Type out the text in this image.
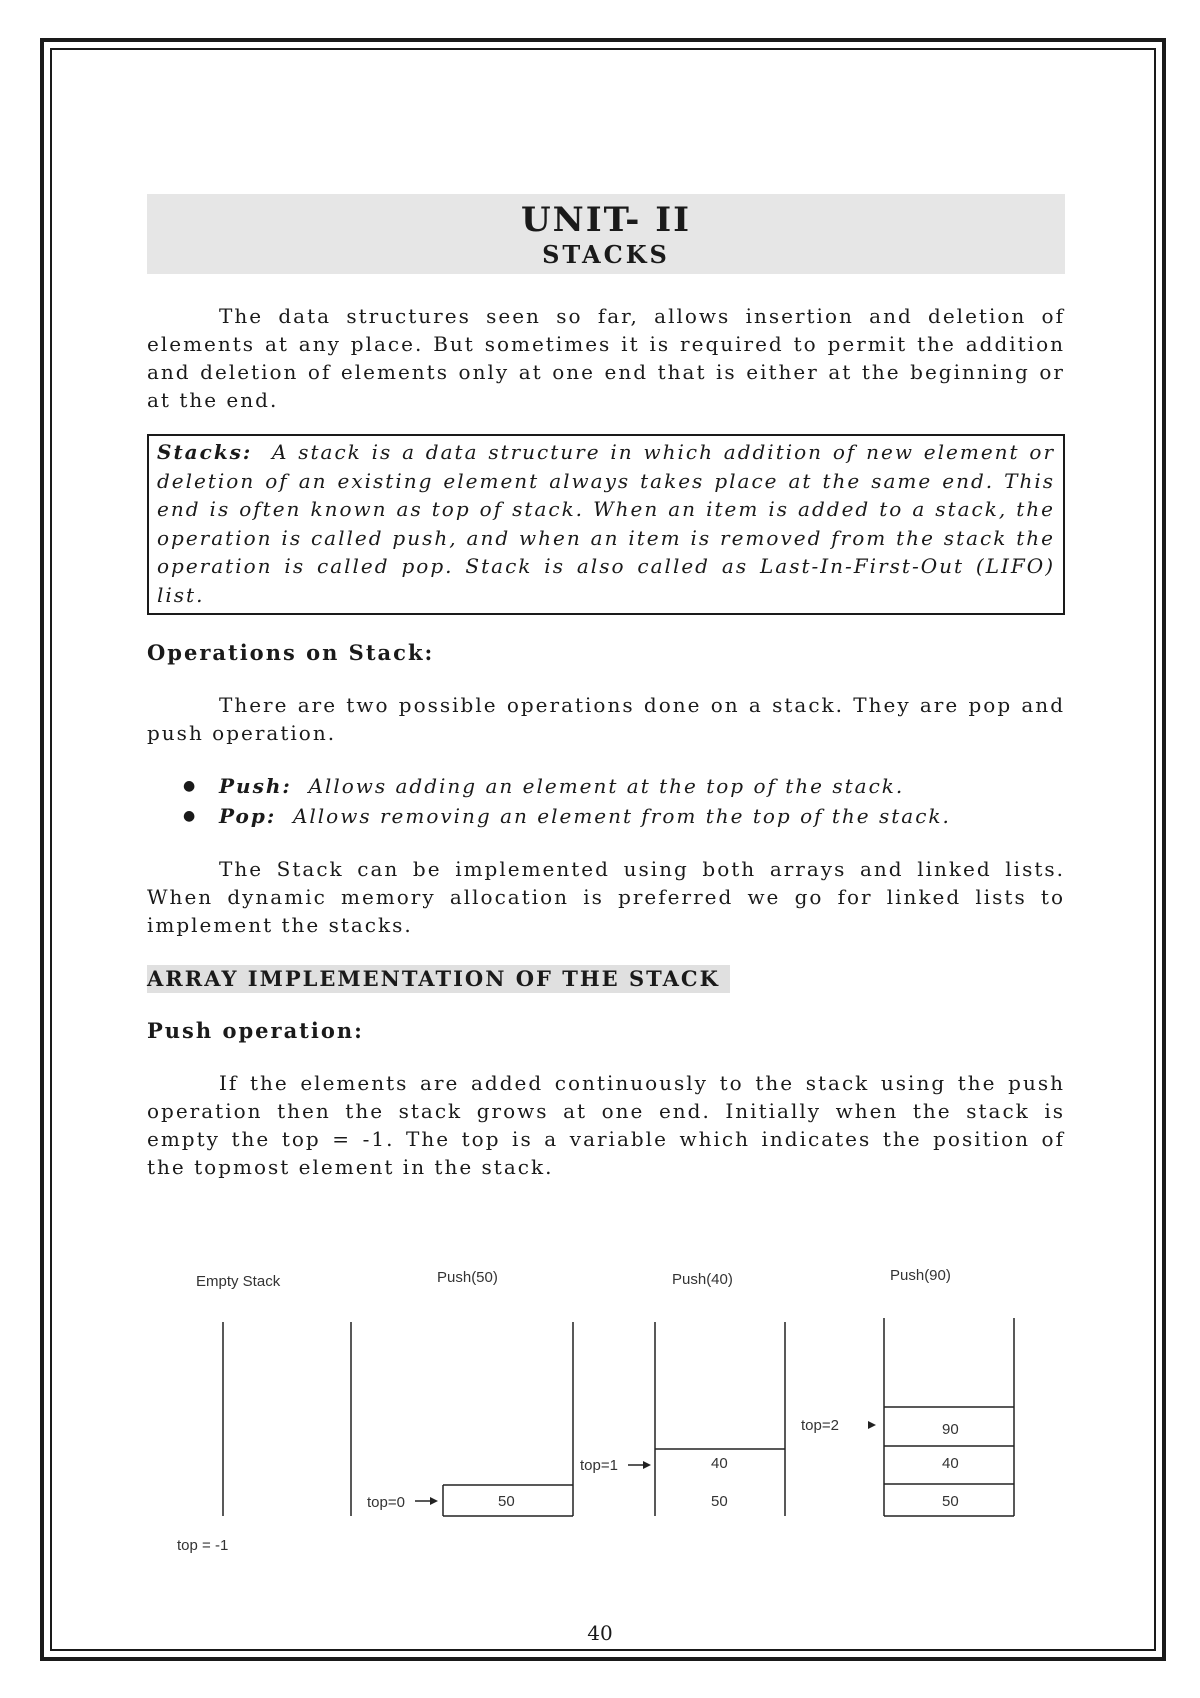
UNIT- II
STACKS

The data structures seen so far, allows insertion and deletion of elements at any place. But sometimes it is required to permit the addition and deletion of elements only at one end that is either at the beginning or at the end.

Stacks: A stack is a data structure in which addition of new element or deletion of an existing element always takes place at the same end. This end is often known as top of stack. When an item is added to a stack, the operation is called push, and when an item is removed from the stack the operation is called pop. Stack is also called as Last-In-First-Out (LIFO) list.
Operations on Stack:

There are two possible operations done on a stack. They are pop and push operation.

● Push: Allows adding an element at the top of the stack.
● Pop: Allows removing an element from the top of the stack.

The Stack can be implemented using both arrays and linked lists. When dynamic memory allocation is preferred we go for linked lists to implement the stacks.

ARRAY IMPLEMENTATION OF THE STACK
Push operation:

If the elements are added continuously to the stack using the push operation then the stack grows at one end. Initially when the stack is empty the top = -1. The top is a variable which indicates the position of the topmost element in the stack.

Empty Stack	Push(50)	Push(40)	Push(90)
top = -1
50
top=0
40
50
top=1
90
40
50
top=2
40
